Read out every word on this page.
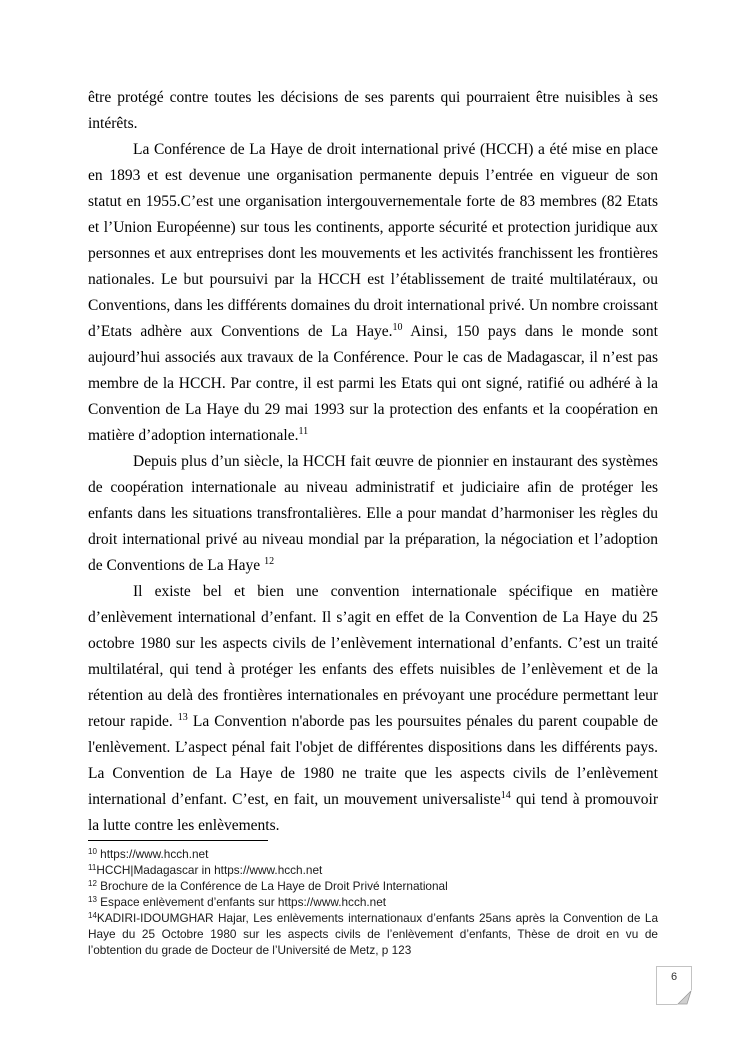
être protégé contre toutes les décisions de ses parents qui pourraient être nuisibles à ses intérêts.

La Conférence de La Haye de droit international privé (HCCH) a été mise en place en 1893 et est devenue une organisation permanente depuis l’entrée en vigueur de son statut en 1955.C’est une organisation intergouvernementale forte de 83 membres (82 Etats et l’Union Européenne) sur tous les continents, apporte sécurité et protection juridique aux personnes et aux entreprises dont les mouvements et les activités franchissent les frontières nationales. Le but poursuivi par la HCCH est l’établissement de traité multilatéraux, ou Conventions, dans les différents domaines du droit international privé. Un nombre croissant d’Etats adhère aux Conventions de La Haye.$^{10}$ Ainsi, 150 pays dans le monde sont aujourd’hui associés aux travaux de la Conférence. Pour le cas de Madagascar, il n’est pas membre de la HCCH. Par contre, il est parmi les Etats qui ont signé, ratifié ou adhéré à la Convention de La Haye du 29 mai 1993 sur la protection des enfants et la coopération en matière d’adoption internationale.$^{11}$

Depuis plus d’un siècle, la HCCH fait œuvre de pionnier en instaurant des systèmes de coopération internationale au niveau administratif et judiciaire afin de protéger les enfants dans les situations transfrontalières. Elle a pour mandat d’harmoniser les règles du droit international privé au niveau mondial par la préparation, la négociation et l’adoption de Conventions de La Haye $^{12}$

Il existe bel et bien une convention internationale spécifique en matière d’enlèvement international d’enfant. Il s’agit en effet de la Convention de La Haye du 25 octobre 1980 sur les aspects civils de l’enlèvement international d’enfants. C’est un traité multilatéral, qui tend à protéger les enfants des effets nuisibles de l’enlèvement et de la rétention au delà des frontières internationales en prévoyant une procédure permettant leur retour rapide. $^{13}$ La Convention n'aborde pas les poursuites pénales du parent coupable de l'enlèvement. L’aspect pénal fait l'objet de différentes dispositions dans les différents pays. La Convention de La Haye de 1980 ne traite que les aspects civils de l’enlèvement international d’enfant. C’est, en fait, un mouvement universaliste$^{14}$ qui tend à promouvoir la lutte contre les enlèvements.

$^{10}$ https://www.hcch.net
$^{11}$HCCH|Madagascar in https://www.hcch.net
$^{12}$ Brochure de la Conférence de La Haye de Droit Privé International
$^{13}$ Espace enlèvement d’enfants sur https://www.hcch.net
$^{14}$KADIRI-IDOUMGHAR Hajar, Les enlèvements internationaux d’enfants 25ans après la Convention de La Haye du 25 Octobre 1980 sur les aspects civils de l’enlèvement d’enfants, Thèse de droit en vu de l’obtention du grade de Docteur de l’Université de Metz, p 123
6
